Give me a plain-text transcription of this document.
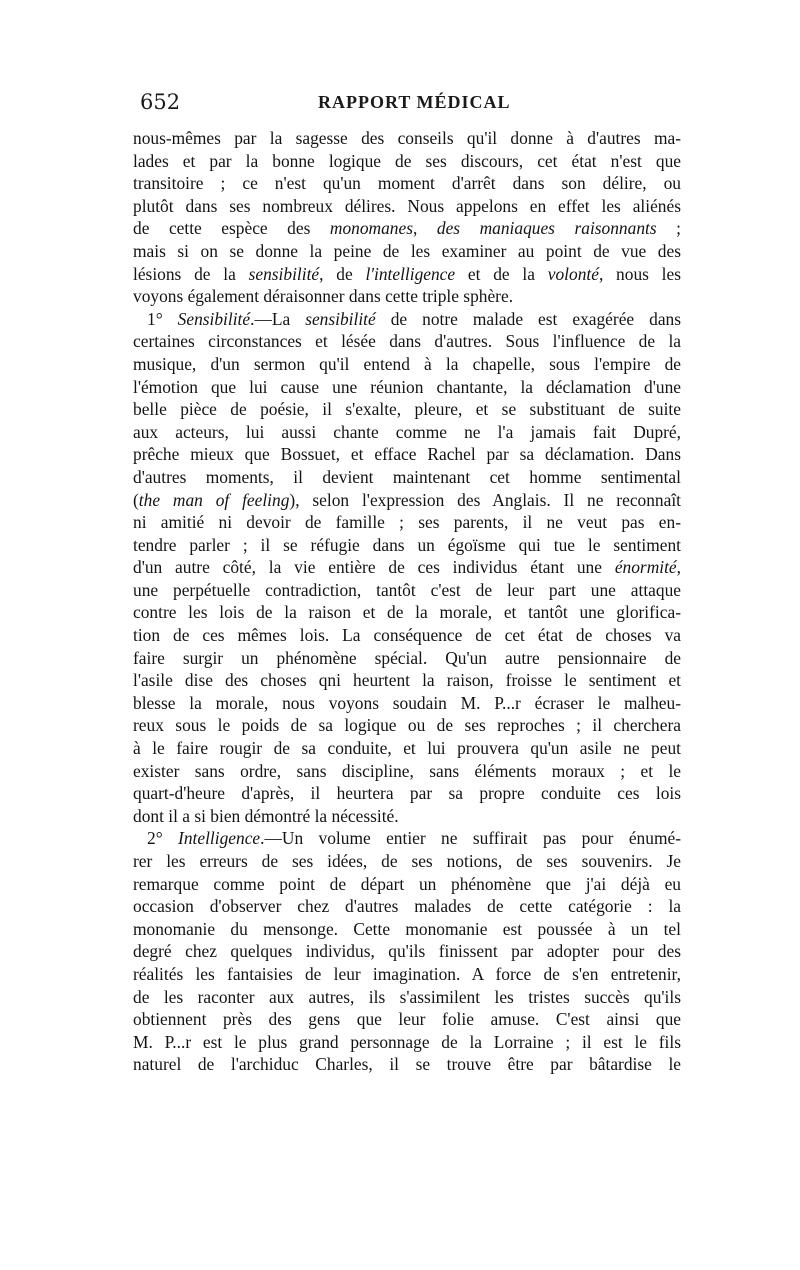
652	RAPPORT MÉDICAL
nous-mêmes par la sagesse des conseils qu'il donne à d'autres ma-
lades et par la bonne logique de ses discours, cet état n'est que
transitoire ; ce n'est qu'un moment d'arrêt dans son délire, ou
plutôt dans ses nombreux délires. Nous appelons en effet les aliénés
de cette espèce des monomanes, des maniaques raisonnants ;
mais si on se donne la peine de les examiner au point de vue des
lésions de la sensibilité, de l'intelligence et de la volonté, nous les
voyons également déraisonner dans cette triple sphère.
1° Sensibilité.—La sensibilité de notre malade est exagérée dans
certaines circonstances et lésée dans d'autres. Sous l'influence de la
musique, d'un sermon qu'il entend à la chapelle, sous l'empire de
l'émotion que lui cause une réunion chantante, la déclamation d'une
belle pièce de poésie, il s'exalte, pleure, et se substituant de suite
aux acteurs, lui aussi chante comme ne l'a jamais fait Dupré,
prêche mieux que Bossuet, et efface Rachel par sa déclamation. Dans
d'autres moments, il devient maintenant cet homme sentimental
(the man of feeling), selon l'expression des Anglais. Il ne reconnaît
ni amitié ni devoir de famille ; ses parents, il ne veut pas en-
tendre parler ; il se réfugie dans un égoïsme qui tue le sentiment
d'un autre côté, la vie entière de ces individus étant une énormité,
une perpétuelle contradiction, tantôt c'est de leur part une attaque
contre les lois de la raison et de la morale, et tantôt une glorifica-
tion de ces mêmes lois. La conséquence de cet état de choses va
faire surgir un phénomène spécial. Qu'un autre pensionnaire de
l'asile dise des choses qni heurtent la raison, froisse le sentiment et
blesse la morale, nous voyons soudain M. P...r écraser le malheu-
reux sous le poids de sa logique ou de ses reproches ; il cherchera
à le faire rougir de sa conduite, et lui prouvera qu'un asile ne peut
exister sans ordre, sans discipline, sans éléments moraux ; et le
quart-d'heure d'après, il heurtera par sa propre conduite ces lois
dont il a si bien démontré la nécessité.
2° Intelligence.—Un volume entier ne suffirait pas pour énumé-
rer les erreurs de ses idées, de ses notions, de ses souvenirs. Je
remarque comme point de départ un phénomène que j'ai déjà eu
occasion d'observer chez d'autres malades de cette catégorie : la
monomanie du mensonge. Cette monomanie est poussée à un tel
degré chez quelques individus, qu'ils finissent par adopter pour des
réalités les fantaisies de leur imagination. A force de s'en entretenir,
de les raconter aux autres, ils s'assimilent les tristes succès qu'ils
obtiennent près des gens que leur folie amuse. C'est ainsi que
M. P...r est le plus grand personnage de la Lorraine ; il est le fils
naturel de l'archiduc Charles, il se trouve être par bâtardise le
